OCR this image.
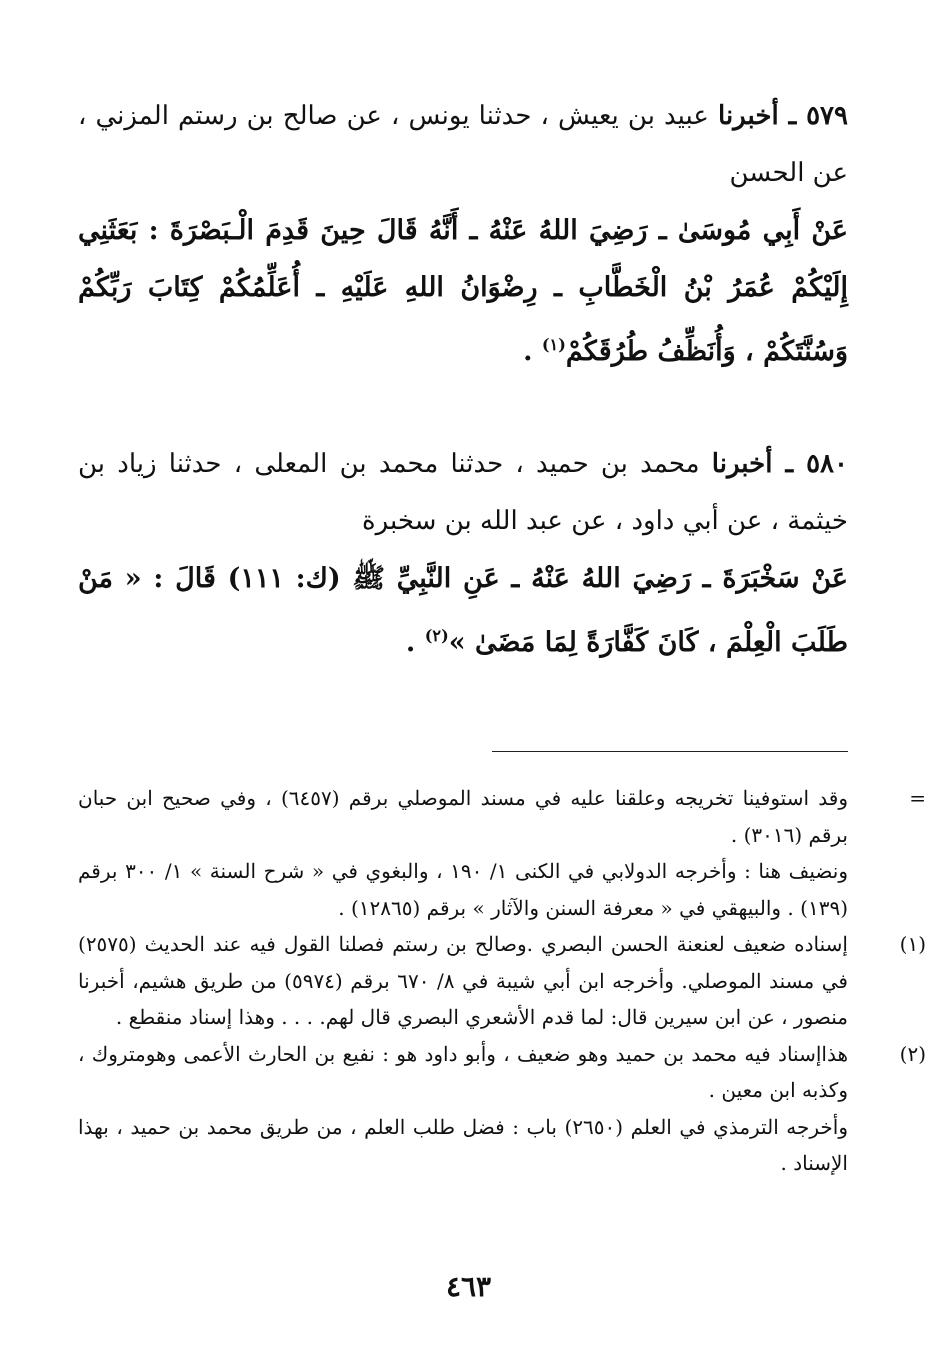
٥٧٩ ـ أخبرنا عبيد بن يعيش ، حدثنا يونس ، عن صالح بن رستم المزني ، عن الحسن

عَنْ أَبِي مُوسَىٰ ـ رَضِيَ اللهُ عَنْهُ ـ أَنَّهُ قَالَ حِينَ قَدِمَ الْـبَصْرَةَ : بَعَثَنِي إِلَيْكُمْ عُمَرُ بْنُ الْخَطَّابِ ـ رِضْوَانُ اللهِ عَلَيْهِ ـ أُعَلِّمُكُمْ كِتَابَ رَبِّكُمْ وَسُنَّتَكُمْ ، وَأُنَظِّفُ طُرُقَكُمْ$^{(١)}$ .

٥٨٠ ـ أخبرنا محمد بن حميد ، حدثنا محمد بن المعلى ، حدثنا زياد بن خيثمة ، عن أبي داود ، عن عبد الله بن سخبرة

عَنْ سَخْبَرَةَ ـ رَضِيَ اللهُ عَنْهُ ـ عَنِ النَّبِيِّ ﷺ (ك: ١١١) قَالَ : « مَنْ طَلَبَ الْعِلْمَ ، كَانَ كَفَّارَةً لِمَا مَضَىٰ »$^{(٢)}$ .

=

وقد استوفينا تخريجه وعلقنا عليه في مسند الموصلي برقم (٦٤٥٧) ، وفي صحيح ابن حبان برقم (٣٠١٦) .

ونضيف هنا : وأخرجه الدولابي في الكنى ١/ ١٩٠ ، والبغوي في « شرح السنة » ١/ ٣٠٠ برقم (١٣٩) . والبيهقي في « معرفة السنن والآثار » برقم (١٢٨٦٥) .

(١)

إسناده ضعيف لعنعنة الحسن البصري .وصالح بن رستم فصلنا القول فيه عند الحديث (٢٥٧٥) في مسند الموصلي. وأخرجه ابن أبي شيبة في ٨/ ٦٧٠ برقم (٥٩٧٤) من طريق هشيم، أخبرنا منصور ، عن ابن سيرين قال: لما قدم الأشعري البصري قال لهم. . . . وهذا إسناد منقطع .

(٢)

هذاإسناد فيه محمد بن حميد وهو ضعيف ، وأبو داود هو : نفيع بن الحارث الأعمى وهومتروك ، وكذبه ابن معين .

وأخرجه الترمذي في العلم (٢٦٥٠) باب : فضل طلب العلم ، من طريق محمد بن حميد ، بهذا الإسناد .

٤٦٣
